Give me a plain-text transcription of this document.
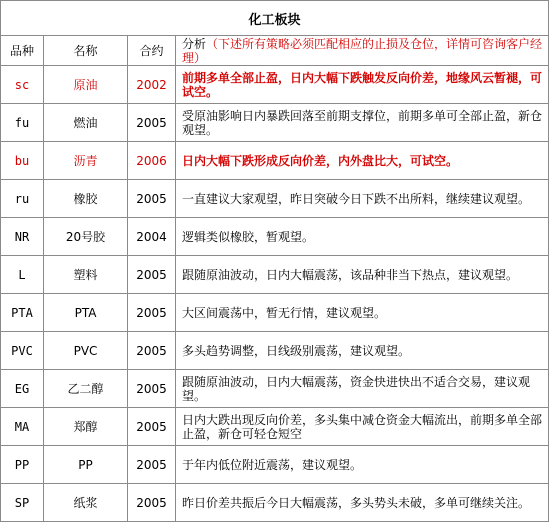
化工板块			
品种	名称	合约	分析（下述所有策略必须匹配相应的止损及仓位，详情可咨询客户经理）
sc	原油	2002	前期多单全部止盈，日内大幅下跌触发反向价差，地缘风云暂褪，可试空。
fu	燃油	2005	受原油影响日内暴跌回落至前期支撑位，前期多单可全部止盈，新仓观望。
bu	沥青	2006	日内大幅下跌形成反向价差，内外盘比大，可试空。
ru	橡胶	2005	一直建议大家观望，昨日突破今日下跌不出所料，继续建议观望。
NR	20号胶	2004	逻辑类似橡胶，暂观望。
L	塑料	2005	跟随原油波动，日内大幅震荡，该品种非当下热点，建议观望。
PTA	PTA	2005	大区间震荡中，暂无行情，建议观望。
PVC	PVC	2005	多头趋势调整，日线级别震荡，建议观望。
EG	乙二醇	2005	跟随原油波动，日内大幅震荡，资金快进快出不适合交易，建议观望。
MA	郑醇	2005	日内大跌出现反向价差，多头集中减仓资金大幅流出，前期多单全部止盈，新仓可轻仓短空
PP	PP	2005	于年内低位附近震荡，建议观望。
SP	纸浆	2005	昨日价差共振后今日大幅震荡，多头势头未破，多单可继续关注。
